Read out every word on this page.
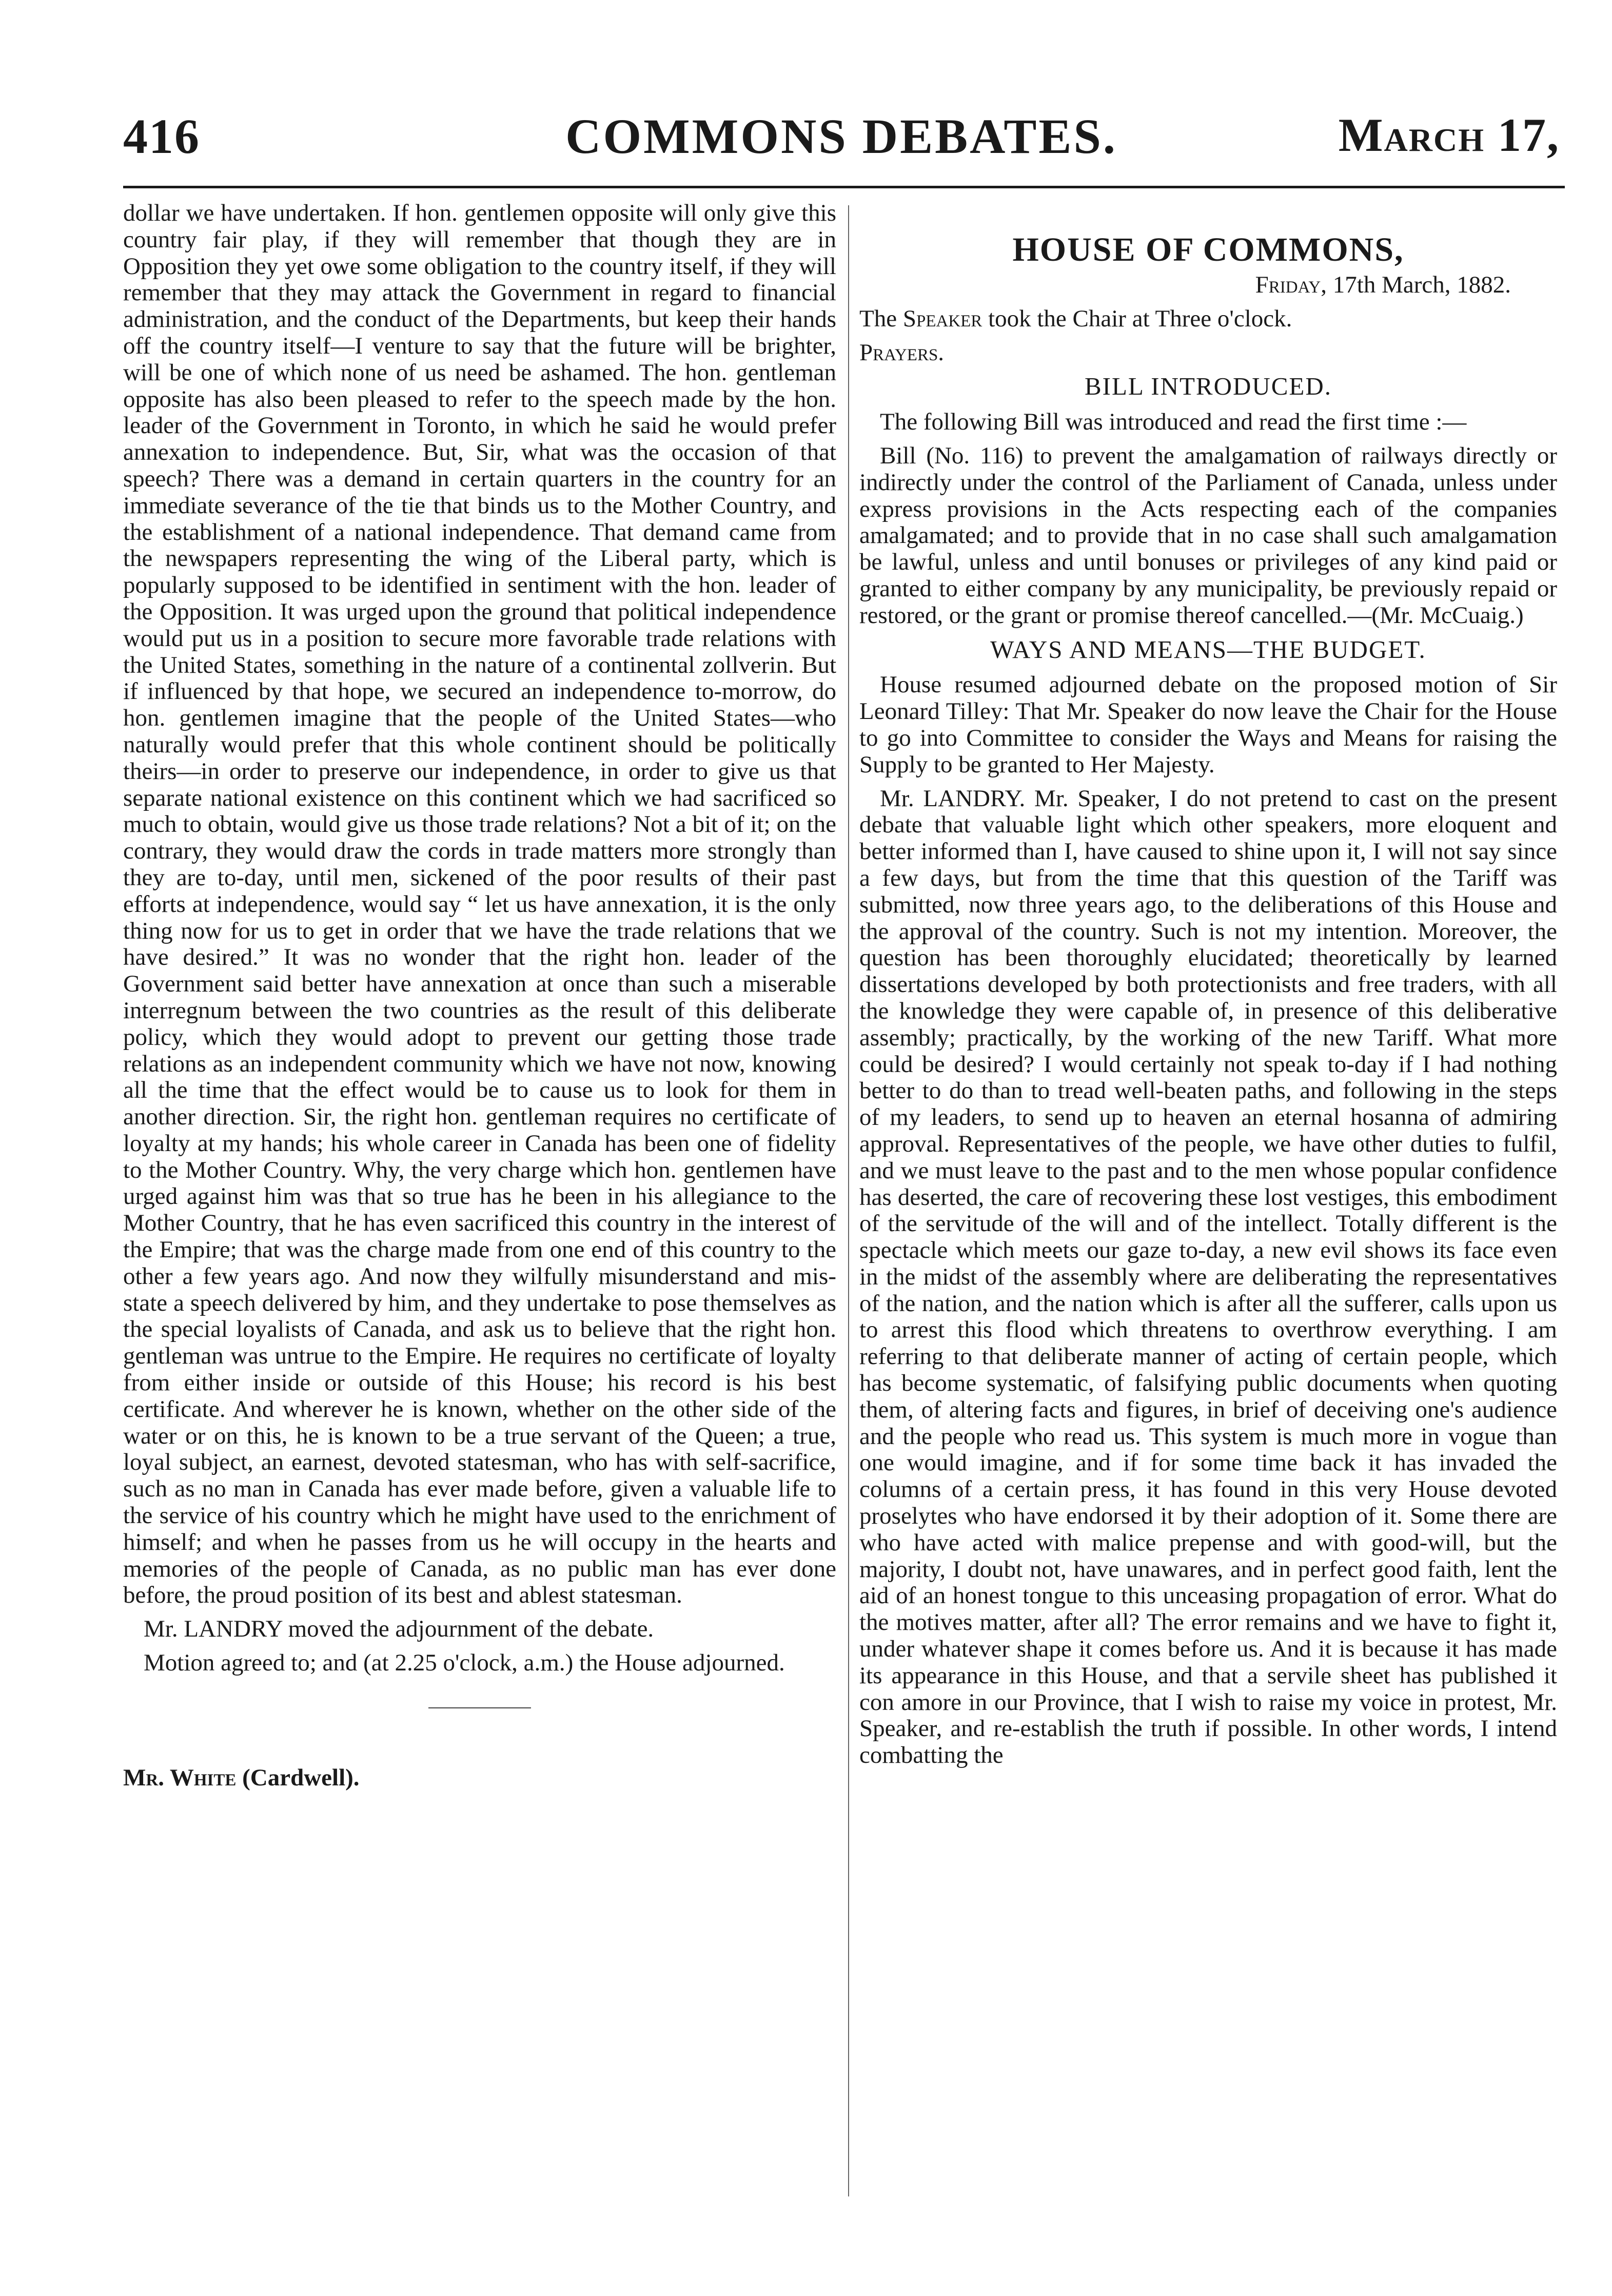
416	COMMONS DEBATES.	March 17,

dollar we have undertaken. If hon. gentlemen opposite will only give this country fair play, if they will remember that though they are in Opposition they yet owe some obligation to the country itself, if they will remember that they may attack the Government in regard to financial administration, and the conduct of the Departments, but keep their hands off the country itself—I venture to say that the future will be brighter, will be one of which none of us need be ashamed. The hon. gentleman opposite has also been pleased to refer to the speech made by the hon. leader of the Government in Toronto, in which he said he would prefer annexation to independence. But, Sir, what was the occasion of that speech? There was a demand in certain quarters in the country for an immediate severance of the tie that binds us to the Mother Country, and the establishment of a national independence. That demand came from the newspapers representing the wing of the Liberal party, which is popularly supposed to be identified in sentiment with the hon. leader of the Opposition. It was urged upon the ground that political independence would put us in a position to secure more favorable trade relations with the United States, something in the nature of a continental zollverin. But if influenced by that hope, we secured an independence to-morrow, do hon. gentlemen imagine that the people of the United States—who naturally would prefer that this whole continent should be politically theirs—in order to preserve our independence, in order to give us that separate national existence on this continent which we had sacrificed so much to obtain, would give us those trade relations? Not a bit of it; on the contrary, they would draw the cords in trade matters more strongly than they are to-day, until men, sickened of the poor results of their past efforts at independence, would say “ let us have annexation, it is the only thing now for us to get in order that we have the trade relations that we have desired.” It was no wonder that the right hon. leader of the Government said better have annexation at once than such a miserable interregnum between the two countries as the result of this deliberate policy, which they would adopt to prevent our getting those trade relations as an independent community which we have not now, knowing all the time that the effect would be to cause us to look for them in another direction. Sir, the right hon. gentleman requires no certificate of loyalty at my hands; his whole career in Canada has been one of fidelity to the Mother Country. Why, the very charge which hon. gentlemen have urged against him was that so true has he been in his allegiance to the Mother Country, that he has even sacrificed this country in the interest of the Empire; that was the charge made from one end of this country to the other a few years ago. And now they wilfully misunderstand and mis-state a speech delivered by him, and they undertake to pose themselves as the special loyalists of Canada, and ask us to believe that the right hon. gentleman was untrue to the Empire. He requires no certificate of loyalty from either inside or outside of this House; his record is his best certificate. And wherever he is known, whether on the other side of the water or on this, he is known to be a true servant of the Queen; a true, loyal subject, an earnest, devoted statesman, who has with self-sacrifice, such as no man in Canada has ever made before, given a valuable life to the service of his country which he might have used to the enrichment of himself; and when he passes from us he will occupy in the hearts and memories of the people of Canada, as no public man has ever done before, the proud position of its best and ablest statesman.

Mr. LANDRY moved the adjournment of the debate.

Motion agreed to; and (at 2.25 o'clock, a.m.) the House adjourned.

Mr. White (Cardwell).

HOUSE OF COMMONS,

Friday, 17th March, 1882.

The Speaker took the Chair at Three o'clock.

Prayers.

BILL INTRODUCED.

The following Bill was introduced and read the first time :—

Bill (No. 116) to prevent the amalgamation of railways directly or indirectly under the control of the Parliament of Canada, unless under express provisions in the Acts respecting each of the companies amalgamated; and to provide that in no case shall such amalgamation be lawful, unless and until bonuses or privileges of any kind paid or granted to either company by any municipality, be previously repaid or restored, or the grant or promise thereof cancelled.—(Mr. McCuaig.)

WAYS AND MEANS—THE BUDGET.

House resumed adjourned debate on the proposed motion of Sir Leonard Tilley: That Mr. Speaker do now leave the Chair for the House to go into Committee to consider the Ways and Means for raising the Supply to be granted to Her Majesty.

Mr. LANDRY. Mr. Speaker, I do not pretend to cast on the present debate that valuable light which other speakers, more eloquent and better informed than I, have caused to shine upon it, I will not say since a few days, but from the time that this question of the Tariff was submitted, now three years ago, to the deliberations of this House and the approval of the country. Such is not my intention. Moreover, the question has been thoroughly elucidated; theoretically by learned dissertations developed by both protectionists and free traders, with all the knowledge they were capable of, in presence of this deliberative assembly; practically, by the working of the new Tariff. What more could be desired? I would certainly not speak to-day if I had nothing better to do than to tread well-beaten paths, and following in the steps of my leaders, to send up to heaven an eternal hosanna of admiring approval. Representatives of the people, we have other duties to fulfil, and we must leave to the past and to the men whose popular confidence has deserted, the care of recovering these lost vestiges, this embodiment of the servitude of the will and of the intellect. Totally different is the spectacle which meets our gaze to-day, a new evil shows its face even in the midst of the assembly where are deliberating the representatives of the nation, and the nation which is after all the sufferer, calls upon us to arrest this flood which threatens to overthrow everything. I am referring to that deliberate manner of acting of certain people, which has become systematic, of falsifying public documents when quoting them, of altering facts and figures, in brief of deceiving one's audience and the people who read us. This system is much more in vogue than one would imagine, and if for some time back it has invaded the columns of a certain press, it has found in this very House devoted proselytes who have endorsed it by their adoption of it. Some there are who have acted with malice prepense and with good-will, but the majority, I doubt not, have unawares, and in perfect good faith, lent the aid of an honest tongue to this unceasing propagation of error. What do the motives matter, after all? The error remains and we have to fight it, under whatever shape it comes before us. And it is because it has made its appearance in this House, and that a servile sheet has published it con amore in our Province, that I wish to raise my voice in protest, Mr. Speaker, and re-establish the truth if possible. In other words, I intend combatting the
